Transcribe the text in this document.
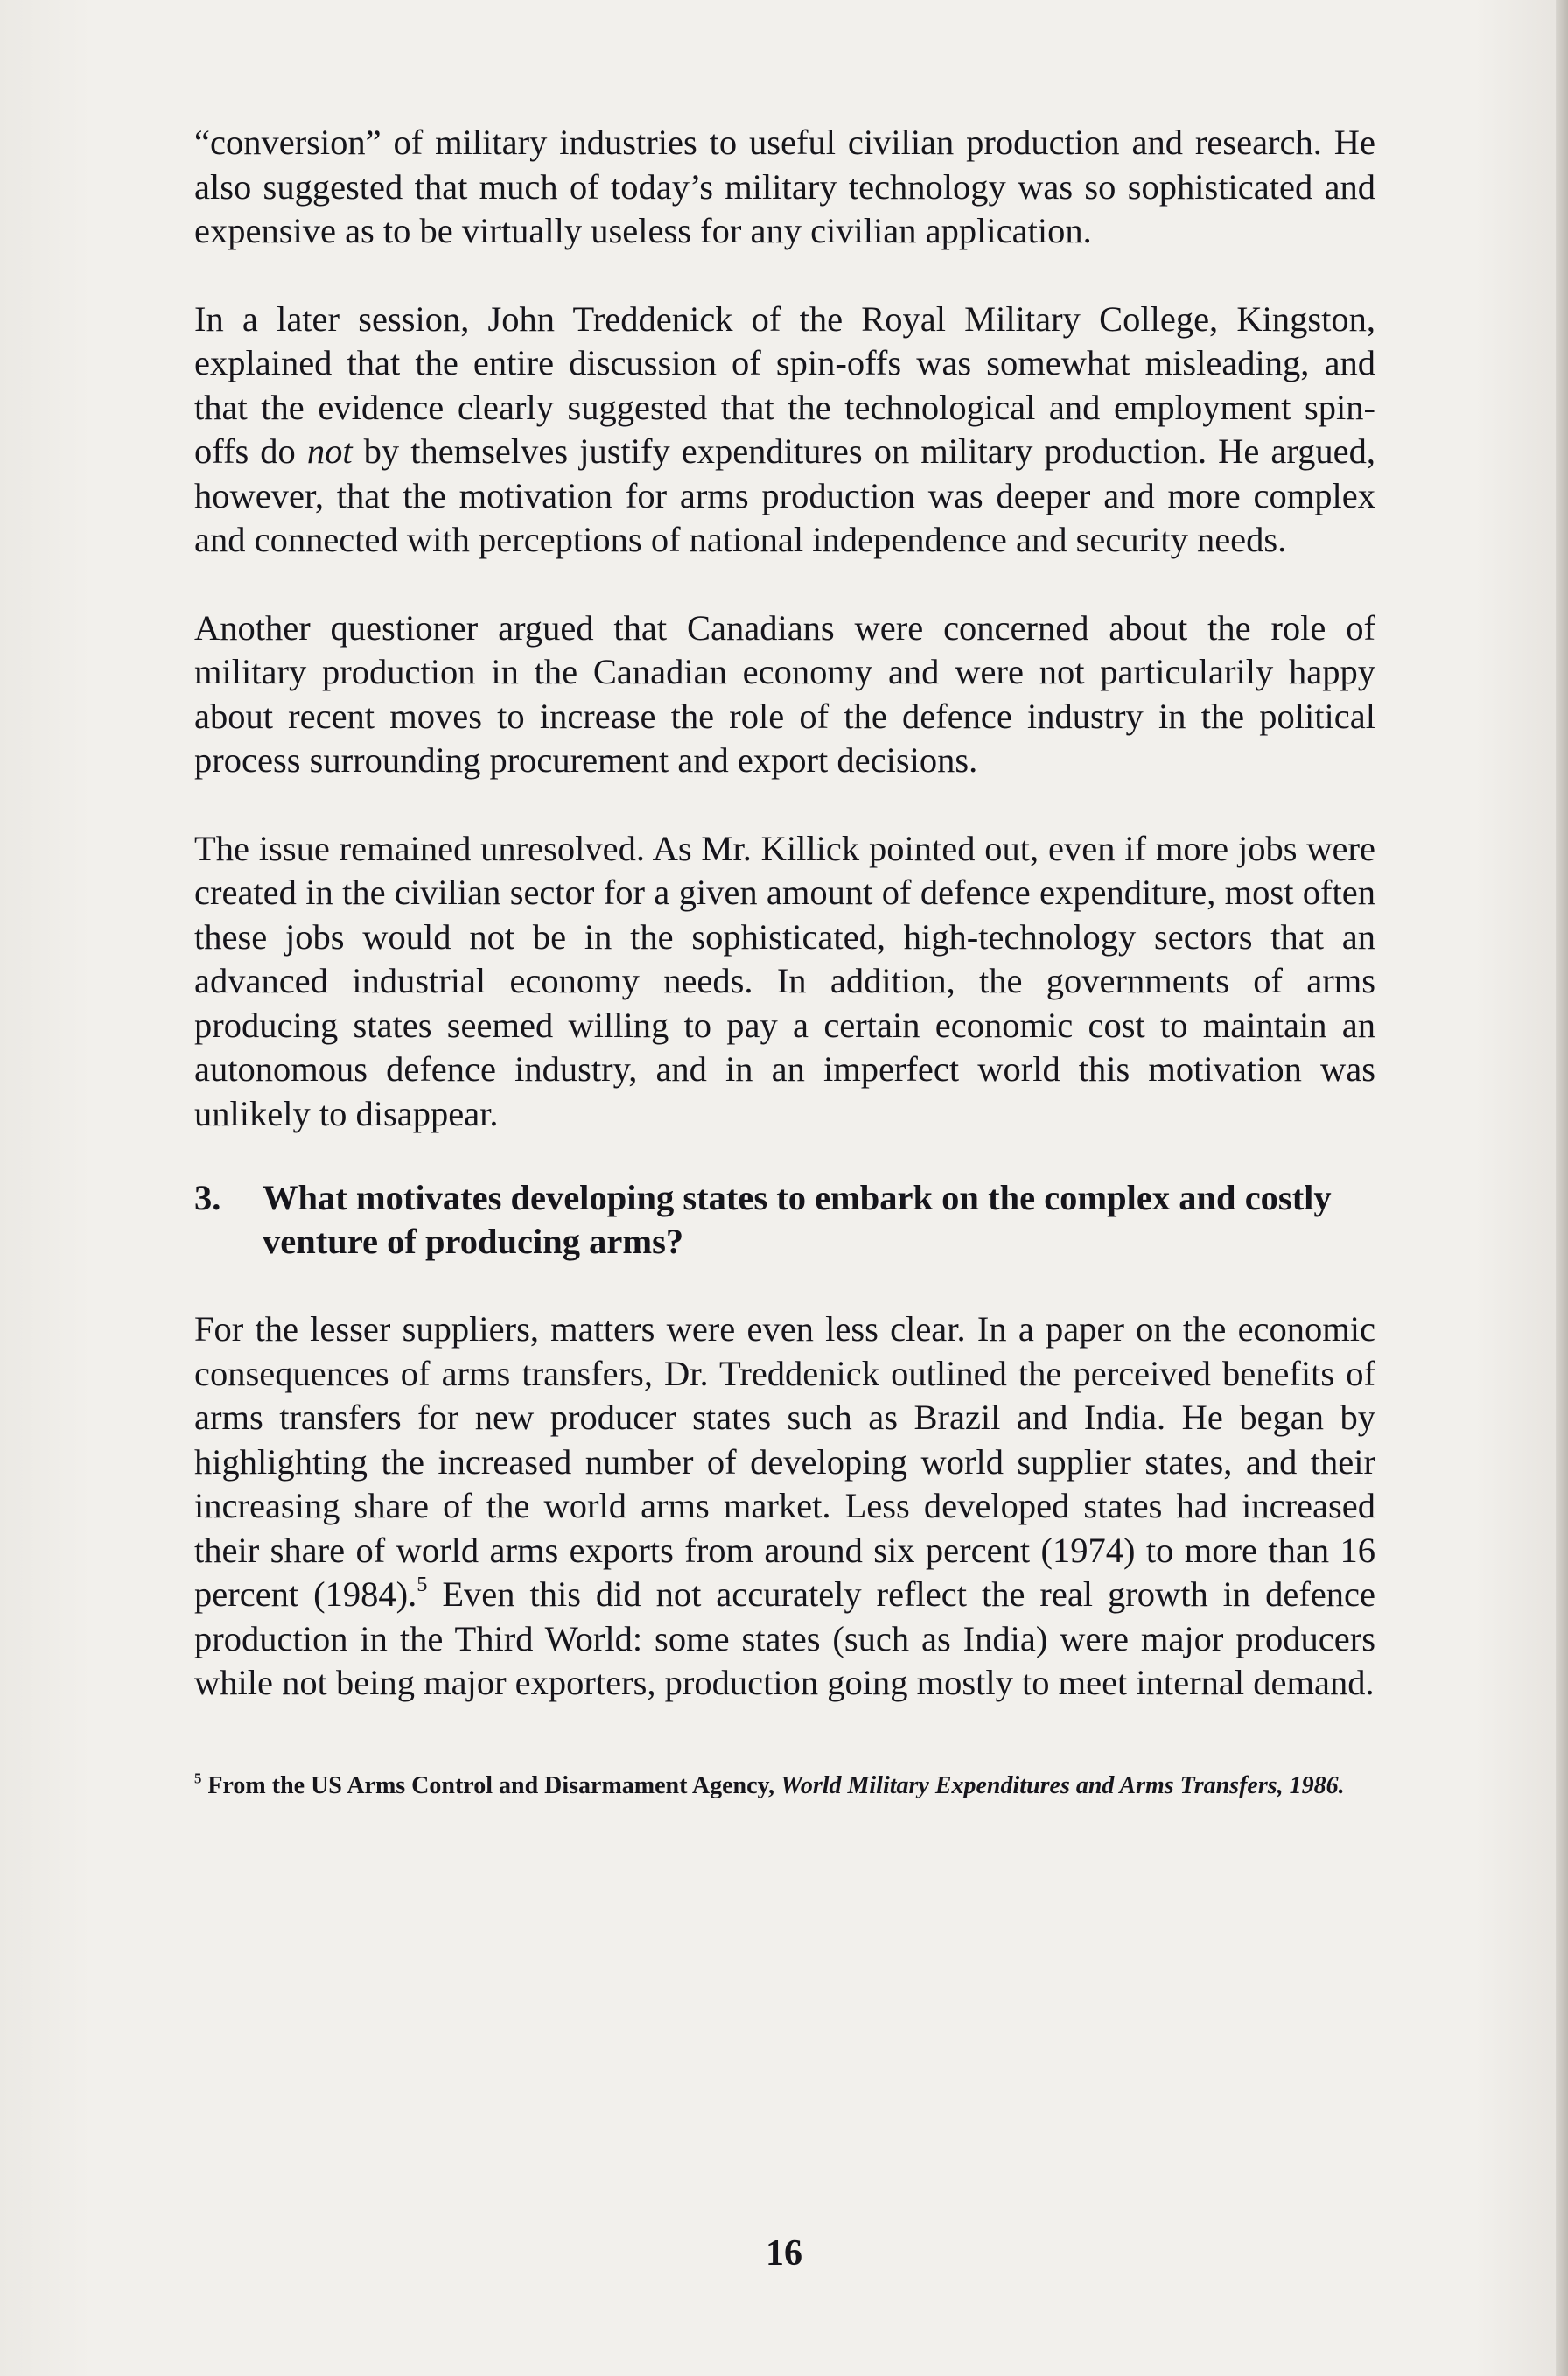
“conversion” of military industries to useful civilian production and research. He also suggested that much of today’s military technology was so sophisticated and expensive as to be virtually useless for any civilian application.

In a later session, John Treddenick of the Royal Military College, Kingston, explained that the entire discussion of spin-offs was somewhat misleading, and that the evidence clearly suggested that the technological and employment spin-offs do not by themselves justify expenditures on military production. He argued, however, that the motivation for arms production was deeper and more complex and connected with perceptions of national independence and security needs.

Another questioner argued that Canadians were concerned about the role of military production in the Canadian economy and were not particularily happy about recent moves to increase the role of the defence industry in the political process surrounding procurement and export decisions.

The issue remained unresolved. As Mr. Killick pointed out, even if more jobs were created in the civilian sector for a given amount of defence expenditure, most often these jobs would not be in the sophisticated, high-technology sectors that an advanced industrial economy needs. In addition, the governments of arms producing states seemed willing to pay a certain economic cost to maintain an autonomous defence industry, and in an imperfect world this motivation was unlikely to disappear.

3.	What motivates developing states to embark on the complex and costly venture of producing arms?

For the lesser suppliers, matters were even less clear. In a paper on the economic consequences of arms transfers, Dr. Treddenick outlined the perceived benefits of arms transfers for new producer states such as Brazil and India. He began by highlighting the increased number of developing world supplier states, and their increasing share of the world arms market. Less developed states had increased their share of world arms exports from around six percent (1974) to more than 16 percent (1984).$^5$ Even this did not accurately reflect the real growth in defence production in the Third World: some states (such as India) were major producers while not being major exporters, production going mostly to meet internal demand.

$^5$ From the US Arms Control and Disarmament Agency, World Military Expenditures and Arms Transfers, 1986.

16
